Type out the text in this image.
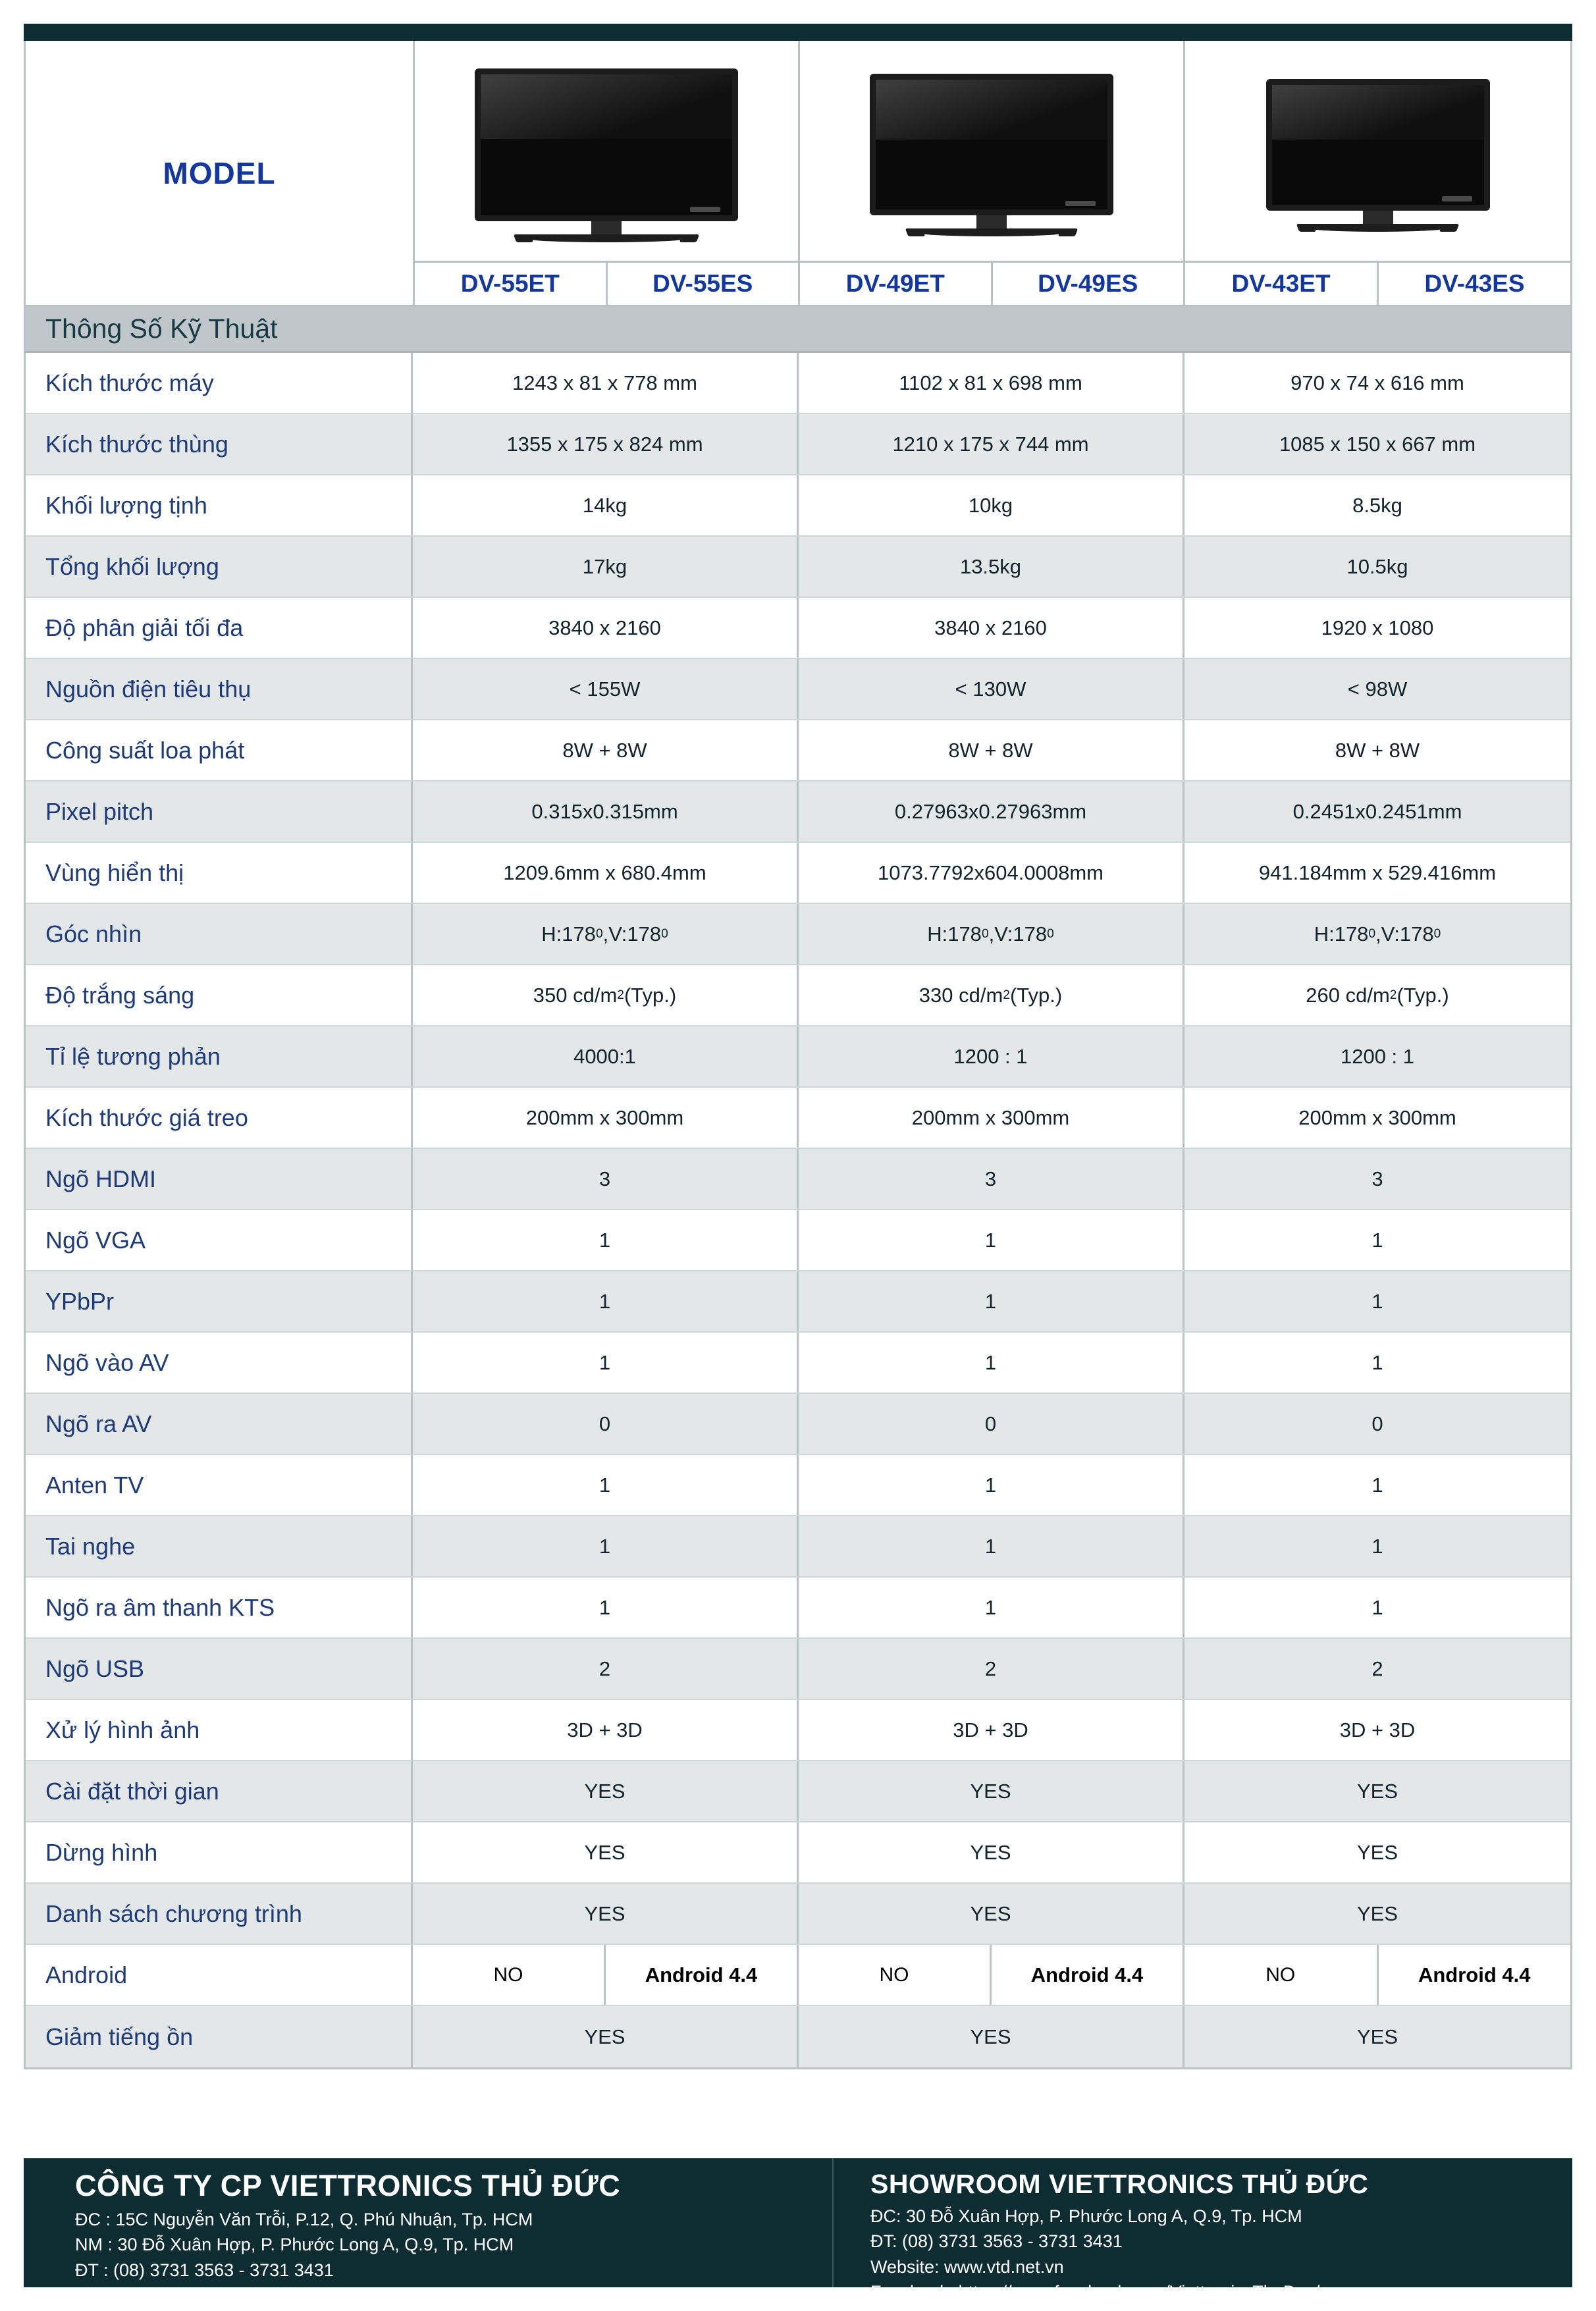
MODEL
DV-55ET	DV-55ES	DV-49ET	DV-49ES	DV-43ET	DV-43ES
Thông Số Kỹ Thuật
Kích thước máy	1243 x 81 x 778 mm	1102 x 81 x 698 mm	970 x 74 x 616 mm
Kích thước thùng	1355 x 175 x 824 mm	1210 x 175 x 744 mm	1085 x 150 x 667 mm
Khối lượng tịnh	14kg	10kg	8.5kg
Tổng khối lượng	17kg	13.5kg	10.5kg
Độ phân giải tối đa	3840 x 2160	3840 x 2160	1920 x 1080
Nguồn điện tiêu thụ	< 155W	< 130W	< 98W
Công suất loa phát	8W + 8W	8W + 8W	8W + 8W
Pixel pitch	0.315x0.315mm	0.27963x0.27963mm	0.2451x0.2451mm
Vùng hiển thị	1209.6mm x 680.4mm	1073.7792x604.0008mm	941.184mm x 529.416mm
Góc nhìn	H:178 0 ,V:178 0	H:178 0 ,V:178 0	H:178 0 ,V:178 0
Độ trắng sáng	350 cd/m 2 (Typ.)	330 cd/m 2 (Typ.)	260 cd/m 2 (Typ.)
Tỉ lệ tương phản	4000:1	1200 : 1	1200 : 1
Kích thước giá treo	200mm x 300mm	200mm x 300mm	200mm x 300mm
Ngõ HDMI	3	3	3
Ngõ VGA	1	1	1
YPbPr	1	1	1
Ngõ vào AV	1	1	1
Ngõ ra AV	0	0	0
Anten TV	1	1	1
Tai nghe	1	1	1
Ngõ ra âm thanh KTS	1	1	1
Ngõ USB	2	2	2
Xử lý hình ảnh	3D + 3D	3D + 3D	3D + 3D
Cài đặt thời gian	YES	YES	YES
Dừng hình	YES	YES	YES
Danh sách chương trình	YES	YES	YES
Android	NO	Android 4.4	NO	Android 4.4	NO	Android 4.4
Giảm tiếng ồn	YES	YES	YES
CÔNG TY CP VIETTRONICS THỦ ĐỨC
ĐC : 15C Nguyễn Văn Trỗi, P.12, Q. Phú Nhuận, Tp. HCM
NM : 30 Đỗ Xuân Hợp, P. Phước Long A, Q.9, Tp. HCM
ĐT : (08) 3731 3563 - 3731 3431
Web : www.vtd.net.vn
SHOWROOM VIETTRONICS THỦ ĐỨC
ĐC: 30 Đỗ Xuân Hợp, P. Phước Long A, Q.9, Tp. HCM
ĐT: (08) 3731 3563 - 3731 3431
Website: www.vtd.net.vn
Facebook: https://www.facebook.com/ViettronicsThuDuc/
